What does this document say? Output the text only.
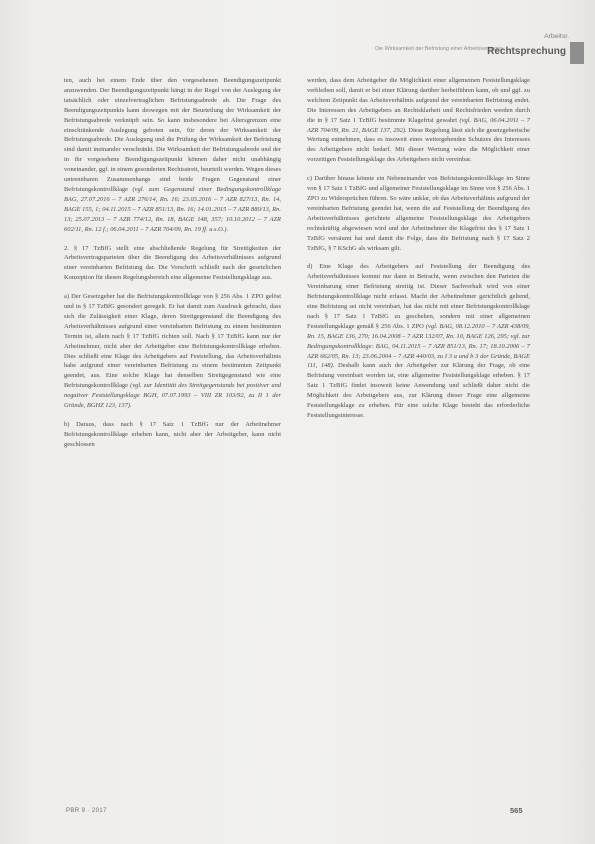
Die Wirksamkeit der Befristung einer Arbeitsvertrages
Arbeitsr.
Rechtsprechung

ten, auch bei einem Ende über den vorgesehenen Beendigungszeitpunkt anzuwenden. Der Beendigungszeitpunkt hängt in der Regel von der Auslegung der tatsächlich oder einzelvertraglichen Befristungsabrede ab. Die Frage des Beendigungszeitpunkts kann deswegen mit der Beurteilung der Wirksamkeit der Befristungsabrede verknüpft sein. So kann insbesondere bei Altersgrenzen eine einschränkende Auslegung geboten sein, für deren der Wirksamkeit der Befristungsabrede. Die Auslegung und die Prüfung der Wirksamkeit der Befristung sind damit ineinander verschränkt. Die Wirksamkeit der Befristungsabrede und der in ihr vorgesehene Beendigungszeitpunkt können daher nicht unabhängig voneinander, ggf. in einem gesonderten Rechtsstreit, beurteilt werden. Wegen dieses untrennbaren Zusammenhangs sind beide Fragen Gegenstand einer Befristungskontrollklage (vgl. zum Gegenstand einer Bedingungskontrollklage BAG, 27.07.2016 – 7 AZR 276/14, Rn. 16; 23.03.2016 – 7 AZR 827/13, Rn. 14, BAGE 155, 1; 04.11.2015 – 7 AZR 851/13, Rn. 16; 14.01.2015 – 7 AZR 880/13, Rn. 13; 25.07.2013 – 7 AZR 774/12, Rn. 18, BAGE 148, 357; 10.10.2012 – 7 AZR 602/11, Rn. 12 f.; 06.04.2011 – 7 AZR 704/09, Rn. 19 ff. u.s.O.).

2. § 17 TzBfG stellt eine abschließende Regelung für Streitigkeiten der Arbeitsvertragsparteien über die Beendigung des Arbeitsverhältnisses aufgrund einer vereinbarten Befristung dar. Die Vorschrift schließt nach der gesetzlichen Konzeption für diesen Regelungsbereich eine allgemeine Feststellungsklage aus.

a) Der Gesetzgeber hat die Befristungskontrollklage von § 256 Abs. 1 ZPO gelöst und in § 17 TzBfG gesondert geregelt. Er hat damit zum Ausdruck gebracht, dass sich die Zulässigkeit einer Klage, deren Streitgegenstand die Beendigung des Arbeitsverhältnisses aufgrund einer vereinbarten Befristung zu einem bestimmten Termin ist, allein nach § 17 TzBfG richten soll. Nach § 17 TzBfG kann nur der Arbeitnehmer, nicht aber der Arbeitgeber eine Befristungskontrollklage erheben. Dies schließt eine Klage des Arbeitgebers auf Feststellung, das Arbeitsverhältnis habe aufgrund einer vereinbarten Befristung zu einem bestimmten Zeitpunkt geendet, aus. Eine solche Klage hat denselben Streitgegenstand wie eine Befristungskontrollklage (vgl. zur Identität des Streitgegenstands bei positiver und negativer Feststellungsklage BGH, 07.07.1993 – VIII ZR 103/92, zu II 1 der Gründe, BGHZ 123, 137).

b) Daraus, dass nach § 17 Satz 1 TzBfG nur der Arbeitnehmer Befristungskontrollklage erheben kann, nicht aber der Arbeitgeber, kann nicht geschlossen

werden, dass dem Arbeitgeber die Möglichkeit einer allgemeinen Feststellungsklage verbleiben soll, damit er bei einer Klärung darüber herbeiführen kann, ob und ggf. zu welchem Zeitpunkt das Arbeitsverhältnis aufgrund der vereinbarten Befristung endet. Die Interessen des Arbeitgebers an Rechtsklarheit und Rechtsfrieden werden durch die in § 17 Satz 1 TzBfG bestimmte Klagefrist gewahrt (vgl. BAG, 06.04.2011 – 7 AZR 704/09, Rn. 21, BAGE 137, 292). Diese Regelung lässt sich die gesetzgeberische Wertung entnehmen, dass es insoweit eines weitergehenden Schutzes des Interesses des Arbeitgebers nicht bedarf. Mit dieser Wertung wäre die Möglichkeit einer vorzeitigen Feststellungsklage des Arbeitgebers nicht vereinbar.

c) Darüber hinaus könnte ein Nebeneinander von Befristungskontrollklage im Sinne von § 17 Satz 1 TzBfG und allgemeiner Feststellungsklage im Sinne von § 256 Abs. 1 ZPO zu Widersprüchen führen. So wäre unklar, ob das Arbeitsverhältnis aufgrund der vereinbarten Befristung geendet hat, wenn die auf Feststellung der Beendigung des Arbeitsverhältnisses gerichtete allgemeine Feststellungsklage des Arbeitgebers rechtskräftig abgewiesen wird und der Arbeitnehmer die Klagefrist des § 17 Satz 1 TzBfG versäumt hat und damit die Folge, dass die Befristung nach § 17 Satz 2 TzBfG, § 7 KSchG als wirksam gilt.

d) Eine Klage des Arbeitgebers auf Feststellung der Beendigung des Arbeitsverhältnisses kommt nur dann in Betracht, wenn zwischen den Parteien die Vereinbarung einer Befristung streitig ist. Dieser Sachverhalt wird von einer Befristungskontrollklage nicht erfasst. Macht der Arbeitnehmer gerichtlich geltend, eine Befristung sei nicht vereinbart, hat das nicht mit einer Befristungskontrollklage nach § 17 Satz 1 TzBfG zu geschehen, sondern mit einer allgemeinen Feststellungsklage gemäß § 256 Abs. 1 ZPO (vgl. BAG, 08.12.2010 – 7 AZR 438/09, Rn. 15, BAGE 136, 270; 16.04.2008 – 7 AZR 132/07, Rn. 10, BAGE 126, 295; vgl. zur Bedingungskontrollklage: BAG, 04.11.2015 – 7 AZR 851/13, Rn. 17; 18.10.2006 – 7 AZR 662/05, Rn. 13; 23.06.2004 – 7 AZR 440/03, zu I 3 a und b 3 der Gründe, BAGE 111, 148). Deshalb kann auch der Arbeitgeber zur Klärung der Frage, ob eine Befristung vereinbart worden ist, eine allgemeine Feststellungsklage erheben. § 17 Satz 1 TzBfG findet insoweit keine Anwendung und schließt daher nicht die Möglichkeit des Arbeitgebers aus, zur Klärung dieser Frage eine allgemeine Feststellungsklage zu erheben. Für eine solche Klage besteht das erforderliche Feststellungsinteresse.

PBR 9 · 2017	565
